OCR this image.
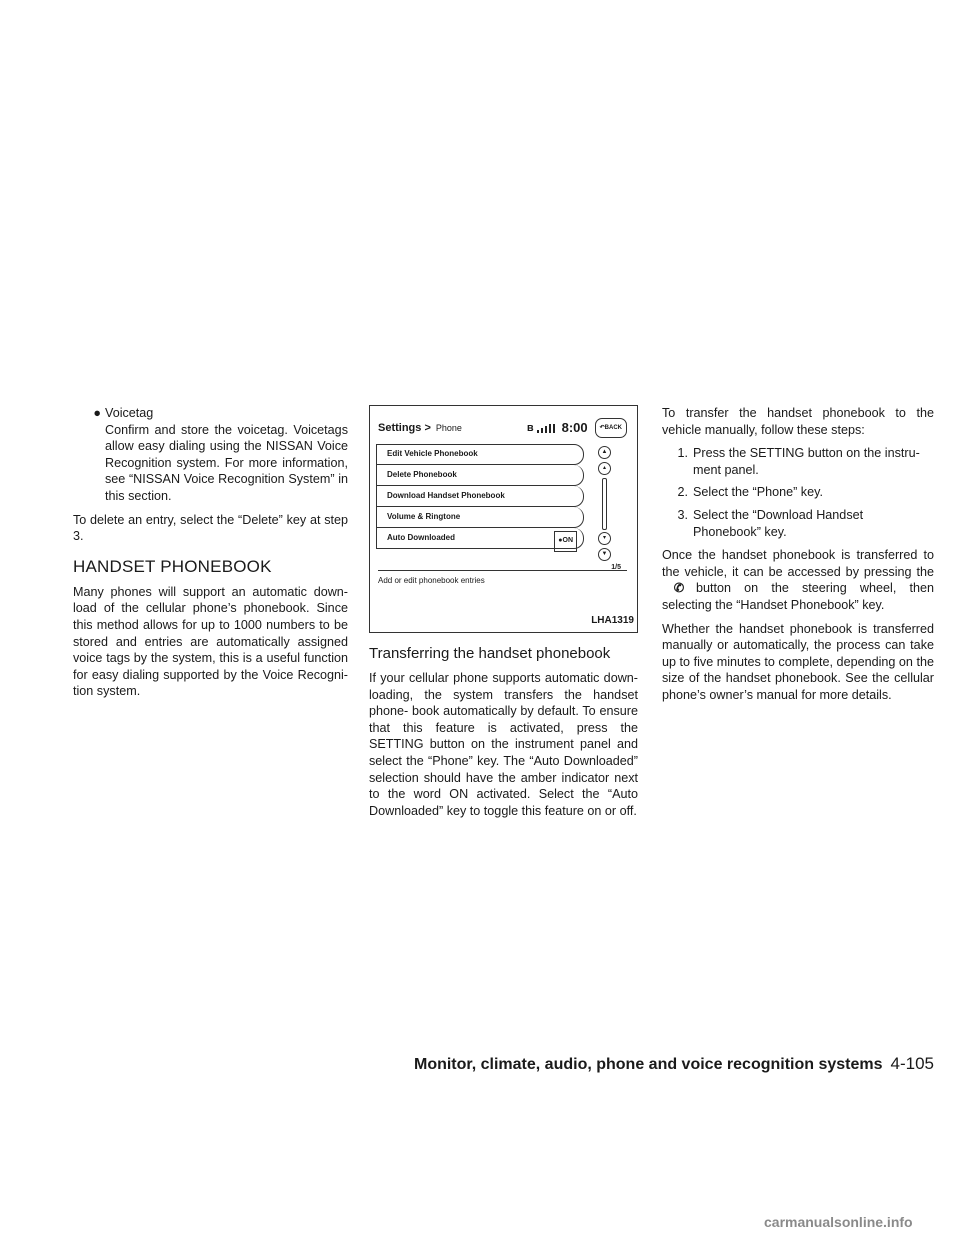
● Voicetag

Confirm and store the voicetag. Voicetags allow easy dialing using the NISSAN Voice Recognition system. For more information, see “NISSAN Voice Recognition System” in this section.

To delete an entry, select the “Delete” key at step 3.

HANDSET PHONEBOOK

Many phones will support an automatic down- load of the cellular phone’s phonebook. Since this method allows for up to 1000 numbers to be stored and entries are automatically assigned voice tags by the system, this is a useful function for easy dialing supported by the Voice Recogni- tion system.

Settings > Phone	ʙ 8:00	↶BACK
Edit Vehicle Phonebook
Delete Phonebook
Download Handset Phonebook
Volume & Ringtone
Auto Downloaded	●ON
▲
▴
▾
▼
1/5
Add or edit phonebook entries
LHA1319
Transferring the handset phonebook

If your cellular phone supports automatic down- loading, the system transfers the handset phone- book automatically by default. To ensure that this feature is activated, press the SETTING button on the instrument panel and select the “Phone” key. The “Auto Downloaded” selection should have the amber indicator next to the word ON activated. Select the “Auto Downloaded” key to toggle this feature on or off.

To transfer the handset phonebook to the vehicle manually, follow these steps:

1. Press the SETTING button on the instru- ment panel.
2. Select the “Phone” key.
3. Select the “Download Handset Phonebook” key.

Once the handset phonebook is transferred to the vehicle, it can be accessed by pressing the✆ button on the steering wheel, then selecting the “Handset Phonebook” key.

Whether the handset phonebook is transferred manually or automatically, the process can take up to five minutes to complete, depending on the size of the handset phonebook. See the cellular phone’s owner’s manual for more details.

Monitor, climate, audio, phone and voice recognition systems 4-105
carmanualsonline.info
